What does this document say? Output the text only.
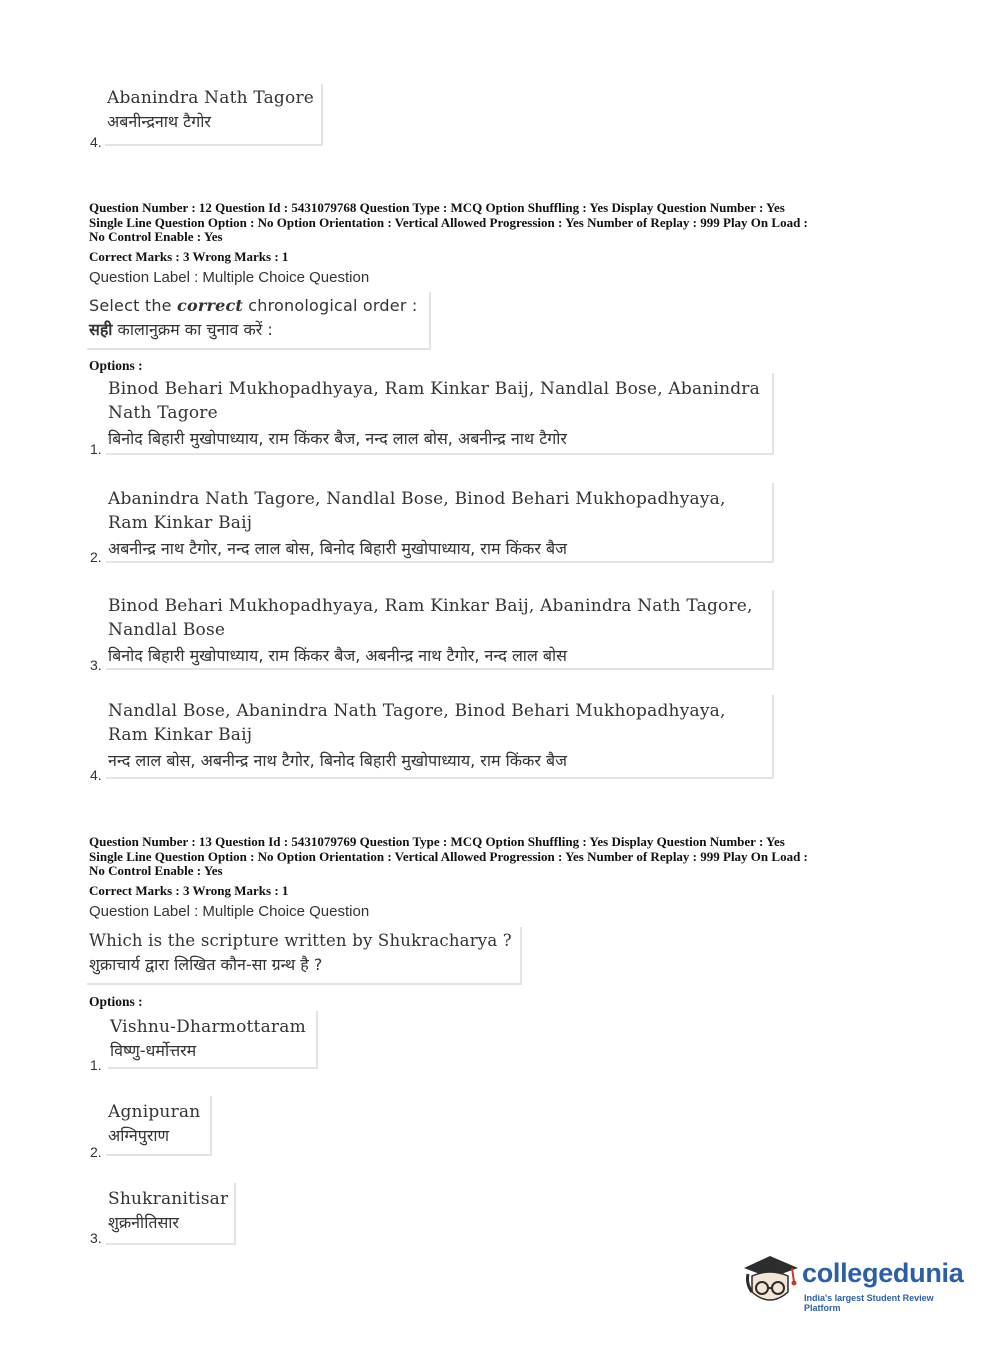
Abanindra Nath Tagore
अबनीन्द्रनाथ टैगोर
4.
Question Number : 12 Question Id : 5431079768 Question Type : MCQ Option Shuffling : Yes Display Question Number : Yes
Single Line Question Option : No Option Orientation : Vertical Allowed Progression : Yes Number of Replay : 999 Play On Load :
No Control Enable : Yes
Correct Marks : 3 Wrong Marks : 1
Question Label : Multiple Choice Question
Select the correct chronological order :
सही कालानुक्रम का चुनाव करें :
Options :
Binod Behari Mukhopadhyaya, Ram Kinkar Baij, Nandlal Bose, Abanindra Nath Tagore
बिनोद बिहारी मुखोपाध्याय, राम किंकर बैज, नन्द लाल बोस, अबनीन्द्र नाथ टैगोर
1.
Abanindra Nath Tagore, Nandlal Bose, Binod Behari Mukhopadhyaya, Ram Kinkar Baij
अबनीन्द्र नाथ टैगोर, नन्द लाल बोस, बिनोद बिहारी मुखोपाध्याय, राम किंकर बैज
2.
Binod Behari Mukhopadhyaya, Ram Kinkar Baij, Abanindra Nath Tagore, Nandlal Bose
बिनोद बिहारी मुखोपाध्याय, राम किंकर बैज, अबनीन्द्र नाथ टैगोर, नन्द लाल बोस
3.
Nandlal Bose, Abanindra Nath Tagore, Binod Behari Mukhopadhyaya, Ram Kinkar Baij
नन्द लाल बोस, अबनीन्द्र नाथ टैगोर, बिनोद बिहारी मुखोपाध्याय, राम किंकर बैज
4.
Question Number : 13 Question Id : 5431079769 Question Type : MCQ Option Shuffling : Yes Display Question Number : Yes
Single Line Question Option : No Option Orientation : Vertical Allowed Progression : Yes Number of Replay : 999 Play On Load :
No Control Enable : Yes
Correct Marks : 3 Wrong Marks : 1
Question Label : Multiple Choice Question
Which is the scripture written by Shukracharya ?
शुक्राचार्य द्वारा लिखित कौन-सा ग्रन्थ है ?
Options :
Vishnu-Dharmottaram
विष्णु-धर्मोत्तरम
1.
Agnipuran
अग्निपुराण
2.
Shukranitisar
शुक्रनीतिसार
3.
collegedunia
India's largest Student Review Platform
